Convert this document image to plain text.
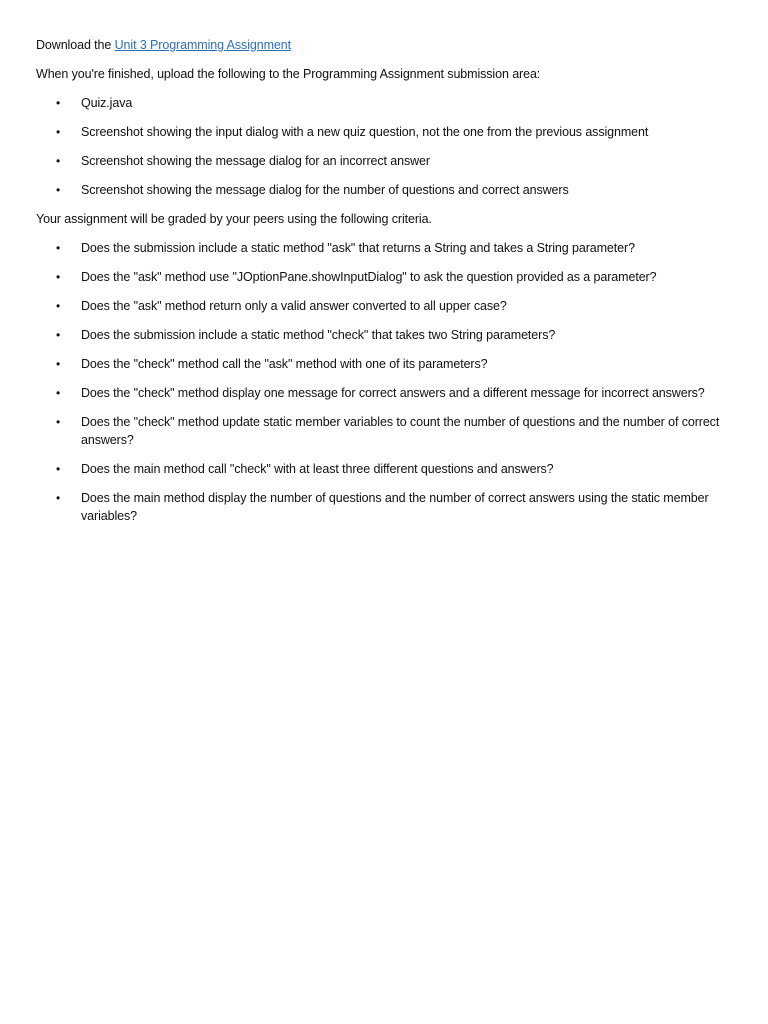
Download the Unit 3 Programming Assignment

When you're finished, upload the following to the Programming Assignment submission area:

• Quiz.java
• Screenshot showing the input dialog with a new quiz question, not the one from the previous assignment
• Screenshot showing the message dialog for an incorrect answer
• Screenshot showing the message dialog for the number of questions and correct answers

Your assignment will be graded by your peers using the following criteria.

• Does the submission include a static method "ask" that returns a String and takes a String parameter?
• Does the "ask" method use "JOptionPane.showInputDialog" to ask the question provided as a parameter?
• Does the "ask" method return only a valid answer converted to all upper case?
• Does the submission include a static method "check" that takes two String parameters?
• Does the "check" method call the "ask" method with one of its parameters?
• Does the "check" method display one message for correct answers and a different message for incorrect answers?
• Does the "check" method update static member variables to count the number of questions and the number of correct answers?
• Does the main method call "check" with at least three different questions and answers?
• Does the main method display the number of questions and the number of correct answers using the static member variables?
